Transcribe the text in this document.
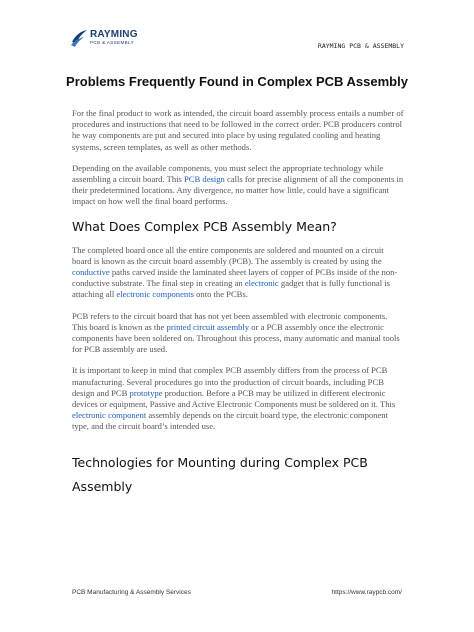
RAYMING
PCB & ASSEMBLY	RAYMING PCB & ASSEMBLY
Problems Frequently Found in Complex PCB Assembly

For the final product to work as intended, the circuit board assembly process entails a number of procedures and instructions that need to be followed in the correct order. PCB producers control he way components are put and secured into place by using regulated cooling and heating systems, screen templates, as well as other methods.

Depending on the available components, you must select the appropriate technology while assembling a circuit board. This PCB design calls for precise alignment of all the components in their predetermined locations. Any divergence, no matter how little, could have a significant impact on how well the final board performs.

What Does Complex PCB Assembly Mean?

The completed board once all the entire components are soldered and mounted on a circuit board is known as the circuit board assembly (PCB). The assembly is created by using the conductive paths carved inside the laminated sheet layers of copper of PCBs inside of the non-conductive substrate. The final step in creating an electronic gadget that is fully functional is attaching all electronic components onto the PCBs.

PCB refers to the circuit board that has not yet been assembled with electronic components. This board is known as the printed circuit assembly or a PCB assembly once the electronic components have been soldered on. Throughout this process, many automatic and manual tools for PCB assembly are used.

It is important to keep in mind that complex PCB assembly differs from the process of PCB manufacturing. Several procedures go into the production of circuit boards, including PCB design and PCB prototype production. Before a PCB may be utilized in different electronic devices or equipment, Passive and Active Electronic Components must be soldered on it. This electronic component assembly depends on the circuit board type, the electronic component type, and the circuit board’s intended use.

Technologies for Mounting during Complex PCB Assembly
PCB Manufacturing & Assembly Services	https://www.raypcb.com/
